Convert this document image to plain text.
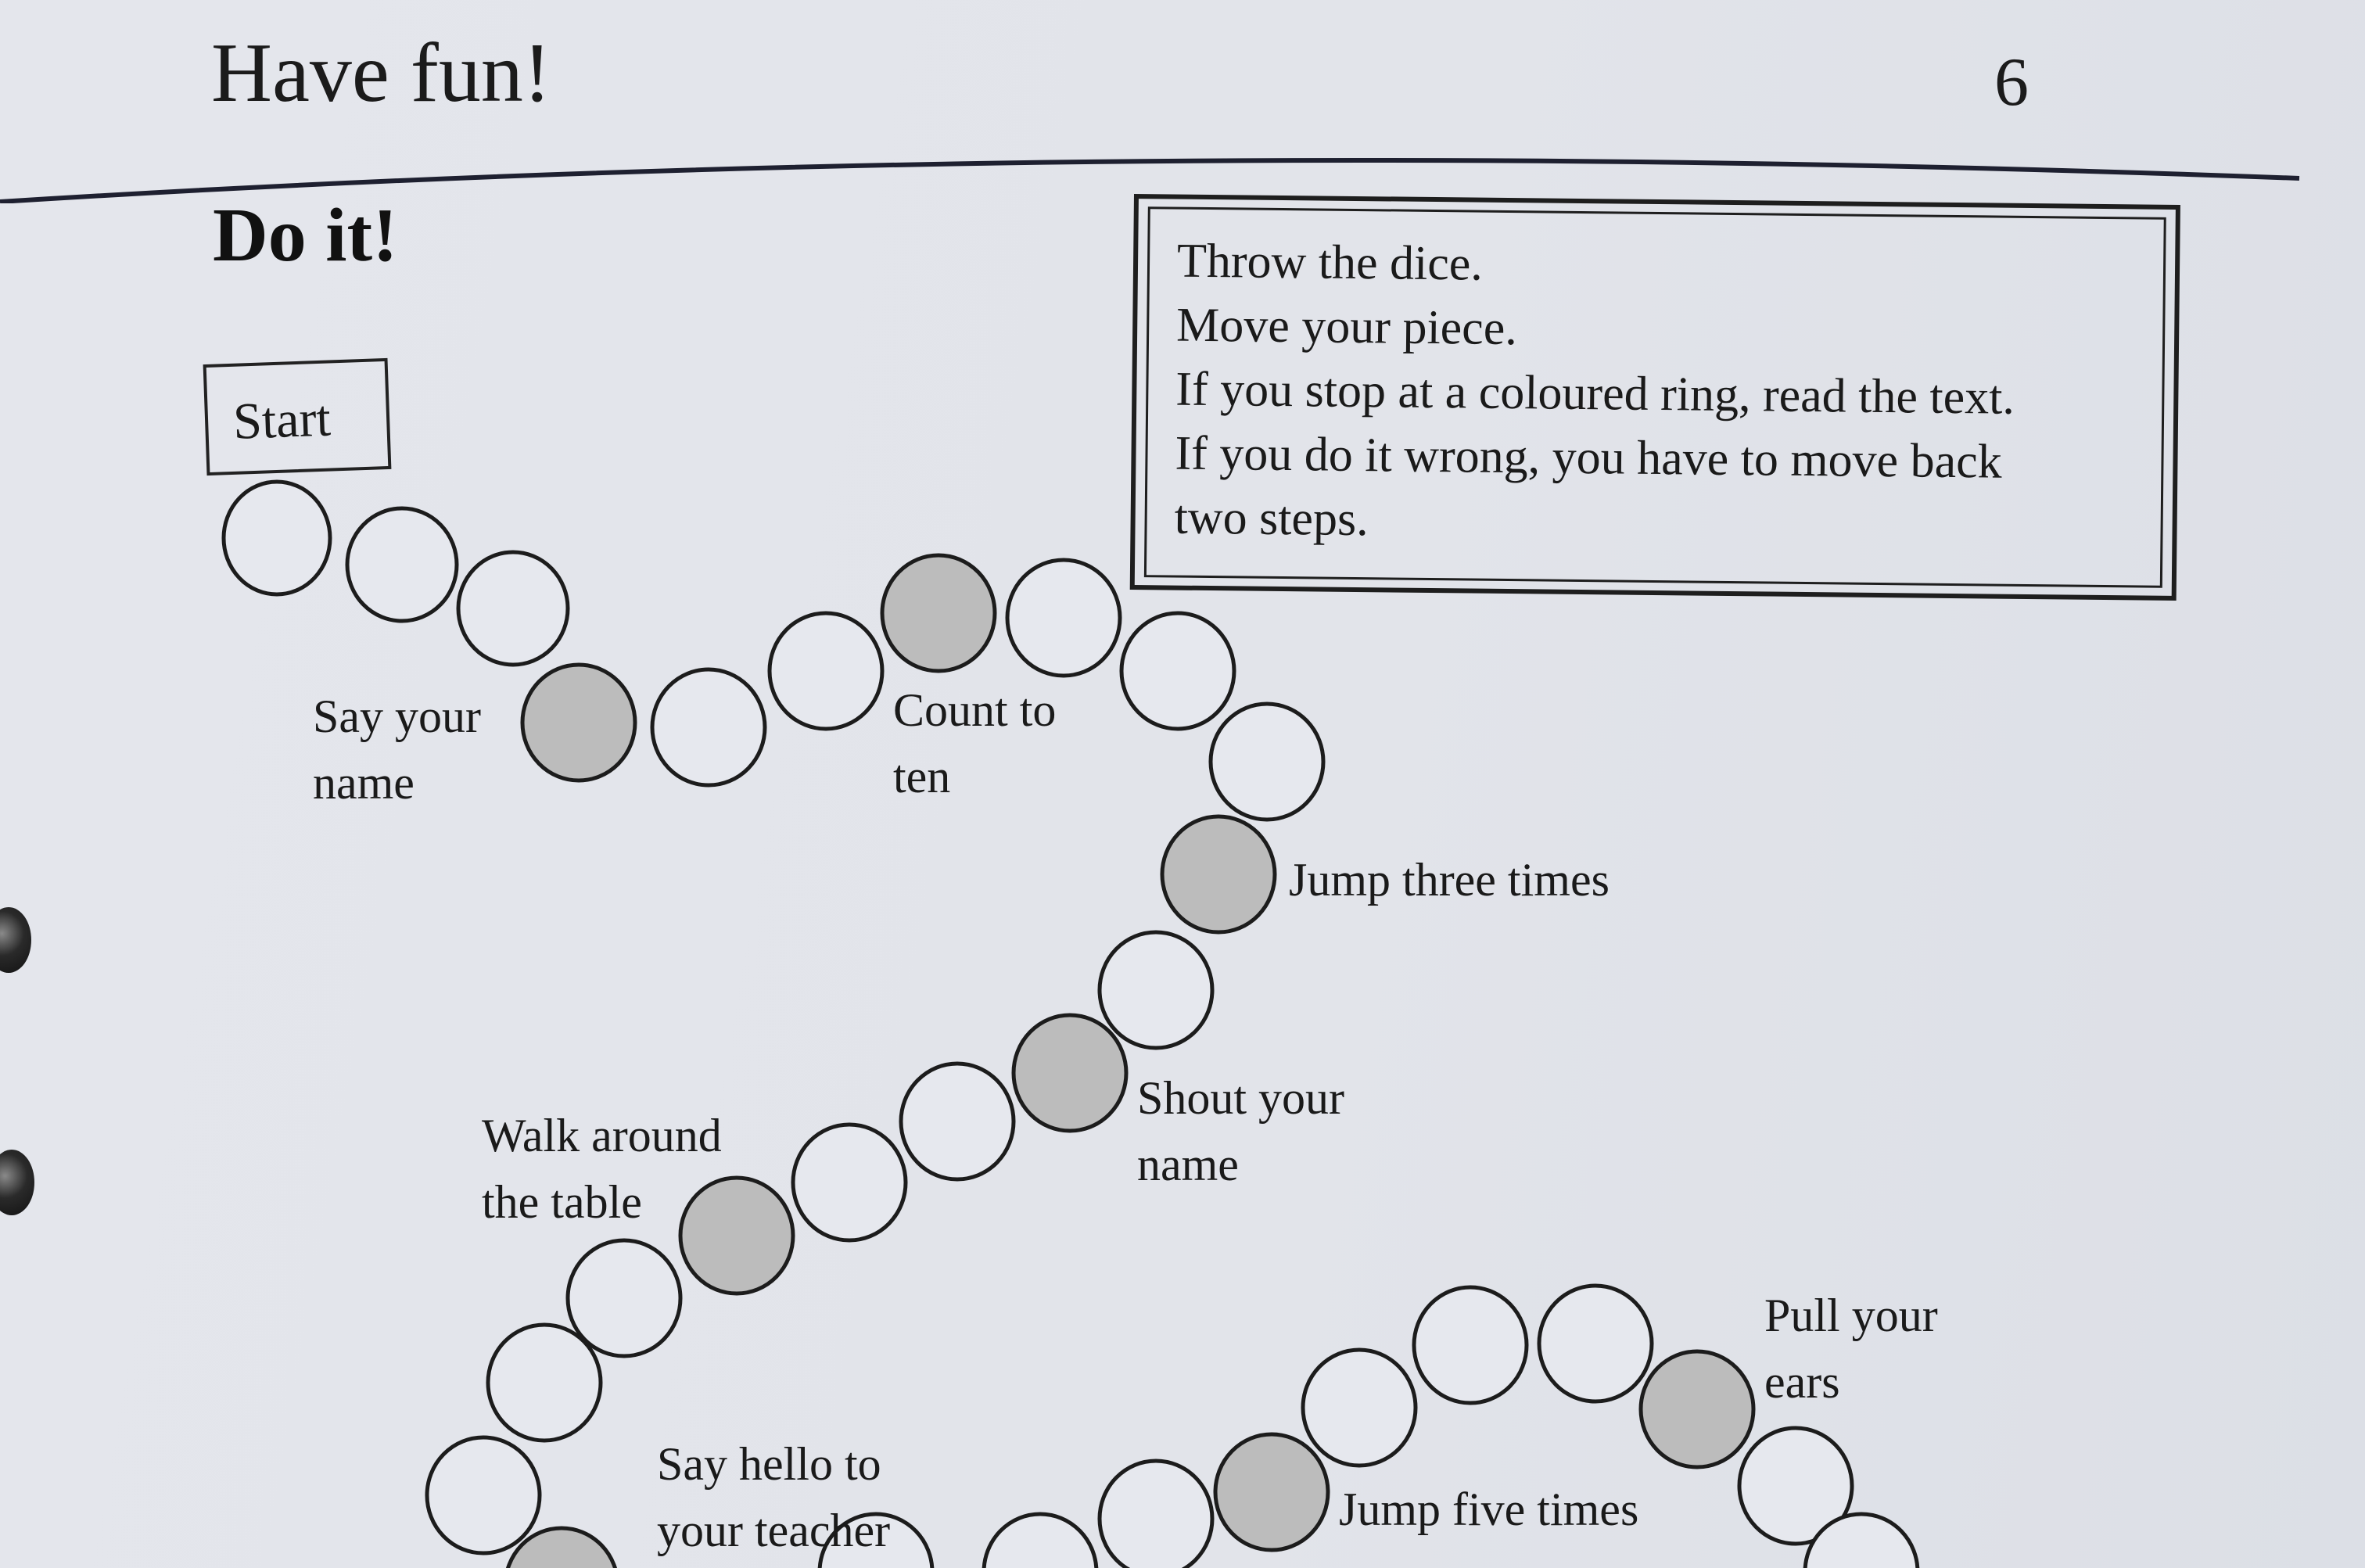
Have fun!	6
Do it!	Throw the dice.
Move your piece.
If you stop at a coloured ring, read the text.
If you do it wrong, you have to move back
two steps.
Start
Say your
name
Count to
ten
Jump three times
Shout your
name
Walk around
the table
Say hello to
your teacher
Pull your
ears
Jump five times
